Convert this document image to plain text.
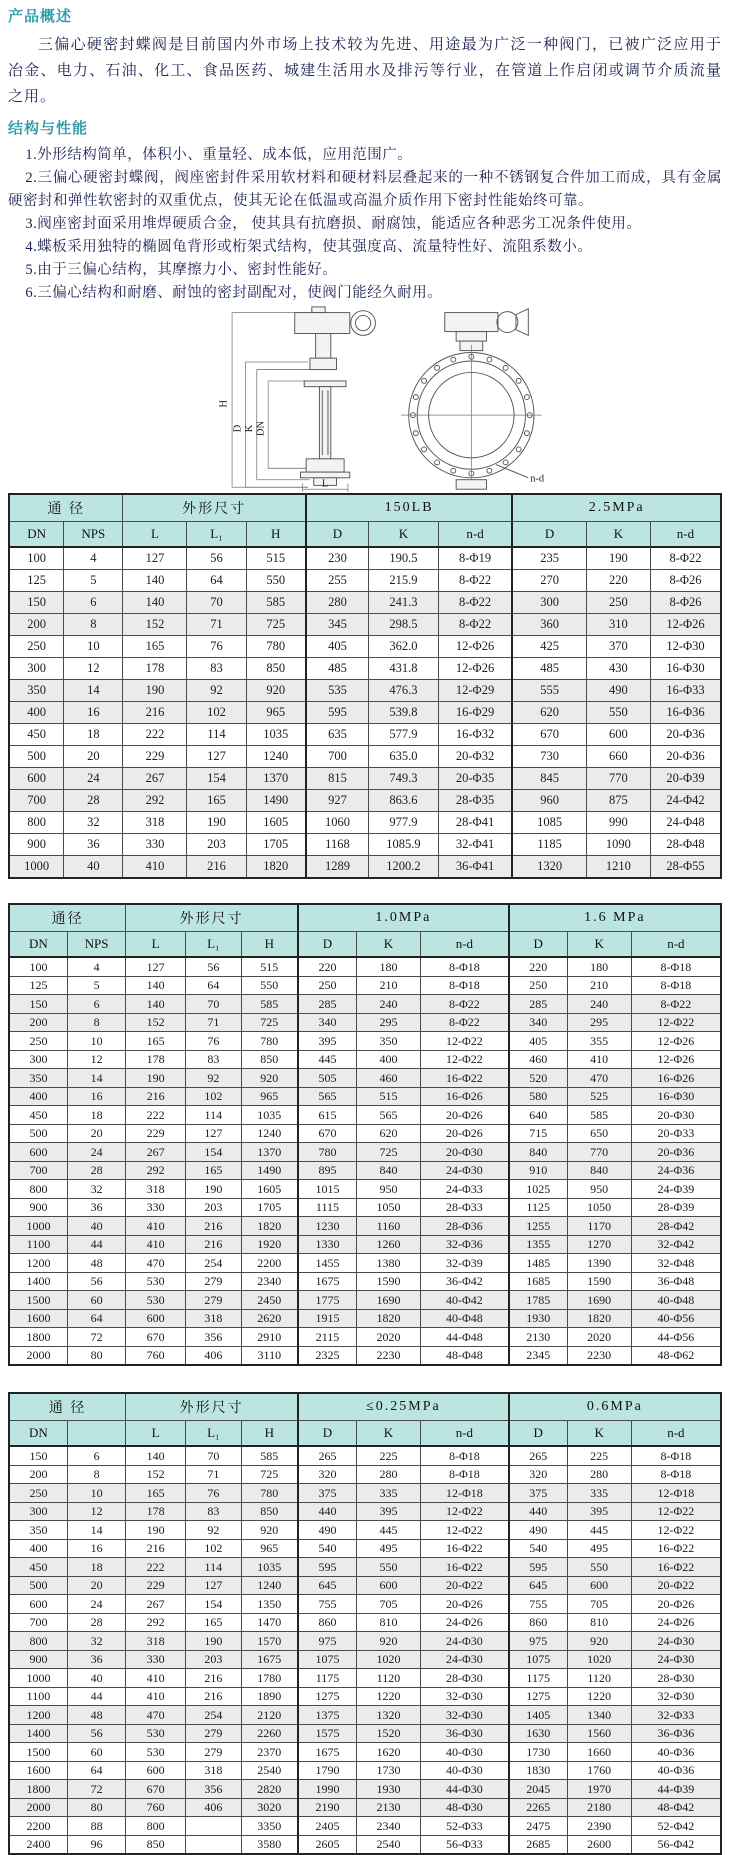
产品概述

三偏心硬密封蝶阀是目前国内外市场上技术较为先进、用途最为广泛一种阀门，已被广泛应用于冶金、电力、石油、化工、食品医药、城建生活用水及排污等行业，在管道上作启闭或调节介质流量之用。

结构与性能

1.外形结构简单，体积小、重量轻、成本低，应用范围广。

2.三偏心硬密封蝶阀，阀座密封件采用软材料和硬材料层叠起来的一种不锈钢复合件加工而成，具有金属硬密封和弹性软密封的双重优点，使其无论在低温或高温介质作用下密封性能始终可靠。

3.阀座密封面采用堆焊硬质合金， 使其具有抗磨损、耐腐蚀，能适应各种恶劣工况条件使用。

4.蝶板采用独特的椭圆龟背形或桁架式结构，使其强度高、流量特性好、流阻系数小。

5.由于三偏心结构，其摩擦力小、密封性能好。

6.三偏心结构和耐磨、耐蚀的密封副配对，使阀门能经久耐用。

H
D K DN
L	n-d
通 径		外形尺寸			150LB			2.5MPa		
DN	NPS	L	L₁	H	D	K	n-d	D	K	n-d
100	4	127	56	515	230	190.5	8-Φ19	235	190	8-Φ22
125	5	140	64	550	255	215.9	8-Φ22	270	220	8-Φ26
150	6	140	70	585	280	241.3	8-Φ22	300	250	8-Φ26
200	8	152	71	725	345	298.5	8-Φ22	360	310	12-Φ26
250	10	165	76	780	405	362.0	12-Φ26	425	370	12-Φ30
300	12	178	83	850	485	431.8	12-Φ26	485	430	16-Φ30
350	14	190	92	920	535	476.3	12-Φ29	555	490	16-Φ33
400	16	216	102	965	595	539.8	16-Φ29	620	550	16-Φ36
450	18	222	114	1035	635	577.9	16-Φ32	670	600	20-Φ36
500	20	229	127	1240	700	635.0	20-Φ32	730	660	20-Φ36
600	24	267	154	1370	815	749.3	20-Φ35	845	770	20-Φ39
700	28	292	165	1490	927	863.6	28-Φ35	960	875	24-Φ42
800	32	318	190	1605	1060	977.9	28-Φ41	1085	990	24-Φ48
900	36	330	203	1705	1168	1085.9	32-Φ41	1185	1090	28-Φ48
1000	40	410	216	1820	1289	1200.2	36-Φ41	1320	1210	28-Φ55
通径		外形尺寸			1.0MPa			1.6 MPa		
DN	NPS	L	L₁	H	D	K	n-d	D	K	n-d
100	4	127	56	515	220	180	8-Φ18	220	180	8-Φ18
125	5	140	64	550	250	210	8-Φ18	250	210	8-Φ18
150	6	140	70	585	285	240	8-Φ22	285	240	8-Φ22
200	8	152	71	725	340	295	8-Φ22	340	295	12-Φ22
250	10	165	76	780	395	350	12-Φ22	405	355	12-Φ26
300	12	178	83	850	445	400	12-Φ22	460	410	12-Φ26
350	14	190	92	920	505	460	16-Φ22	520	470	16-Φ26
400	16	216	102	965	565	515	16-Φ26	580	525	16-Φ30
450	18	222	114	1035	615	565	20-Φ26	640	585	20-Φ30
500	20	229	127	1240	670	620	20-Φ26	715	650	20-Φ33
600	24	267	154	1370	780	725	20-Φ30	840	770	20-Φ36
700	28	292	165	1490	895	840	24-Φ30	910	840	24-Φ36
800	32	318	190	1605	1015	950	24-Φ33	1025	950	24-Φ39
900	36	330	203	1705	1115	1050	28-Φ33	1125	1050	28-Φ39
1000	40	410	216	1820	1230	1160	28-Φ36	1255	1170	28-Φ42
1100	44	410	216	1920	1330	1260	32-Φ36	1355	1270	32-Φ42
1200	48	470	254	2200	1455	1380	32-Φ39	1485	1390	32-Φ48
1400	56	530	279	2340	1675	1590	36-Φ42	1685	1590	36-Φ48
1500	60	530	279	2450	1775	1690	40-Φ42	1785	1690	40-Φ48
1600	64	600	318	2620	1915	1820	40-Φ48	1930	1820	40-Φ56
1800	72	670	356	2910	2115	2020	44-Φ48	2130	2020	44-Φ56
2000	80	760	406	3110	2325	2230	48-Φ48	2345	2230	48-Φ62
通 径		外形尺寸			≤0.25MPa			0.6MPa		
DN		L	L₁	H	D	K	n-d	D	K	n-d
150	6	140	70	585	265	225	8-Φ18	265	225	8-Φ18
200	8	152	71	725	320	280	8-Φ18	320	280	8-Φ18
250	10	165	76	780	375	335	12-Φ18	375	335	12-Φ18
300	12	178	83	850	440	395	12-Φ22	440	395	12-Φ22
350	14	190	92	920	490	445	12-Φ22	490	445	12-Φ22
400	16	216	102	965	540	495	16-Φ22	540	495	16-Φ22
450	18	222	114	1035	595	550	16-Φ22	595	550	16-Φ22
500	20	229	127	1240	645	600	20-Φ22	645	600	20-Φ22
600	24	267	154	1350	755	705	20-Φ26	755	705	20-Φ26
700	28	292	165	1470	860	810	24-Φ26	860	810	24-Φ26
800	32	318	190	1570	975	920	24-Φ30	975	920	24-Φ30
900	36	330	203	1675	1075	1020	24-Φ30	1075	1020	24-Φ30
1000	40	410	216	1780	1175	1120	28-Φ30	1175	1120	28-Φ30
1100	44	410	216	1890	1275	1220	32-Φ30	1275	1220	32-Φ30
1200	48	470	254	2120	1375	1320	32-Φ30	1405	1340	32-Φ33
1400	56	530	279	2260	1575	1520	36-Φ30	1630	1560	36-Φ36
1500	60	530	279	2370	1675	1620	40-Φ30	1730	1660	40-Φ36
1600	64	600	318	2540	1790	1730	40-Φ30	1830	1760	40-Φ36
1800	72	670	356	2820	1990	1930	44-Φ30	2045	1970	44-Φ39
2000	80	760	406	3020	2190	2130	48-Φ30	2265	2180	48-Φ42
2200	88	800		3350	2405	2340	52-Φ33	2475	2390	52-Φ42
2400	96	850		3580	2605	2540	56-Φ33	2685	2600	56-Φ42
